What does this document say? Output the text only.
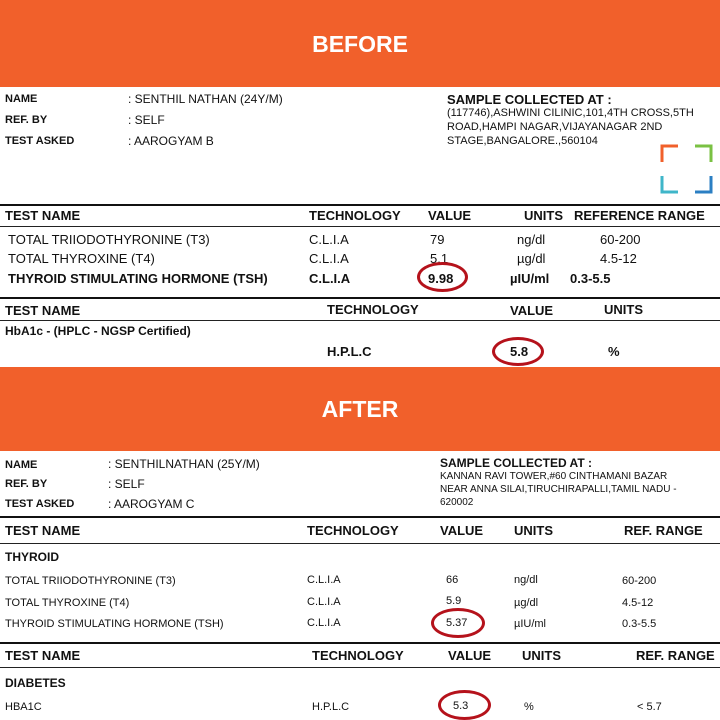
BEFORE
NAME	: SENTHIL NATHAN (24Y/M)
REF. BY	: SELF
TEST ASKED	: AAROGYAM B
SAMPLE COLLECTED AT :
(117746),ASHWINI CILINIC,101,4TH CROSS,5TH
ROAD,HAMPI NAGAR,VIJAYANAGAR 2ND
STAGE,BANGALORE.,560104
TEST NAME	TECHNOLOGY VALUE	UNITS REFERENCE RANGE
TOTAL TRIIODOTHYRONINE (T3)	C.L.I.A	79	ng/dl	60-200
TOTAL THYROXINE (T4)	C.L.I.A	5.1	µg/dl	4.5-12
THYROID STIMULATING HORMONE (TSH)	C.L.I.A	9.98	µIU/ml 0.3-5.5
TEST NAME	TECHNOLOGY	VALUE	UNITS
HbA1c - (HPLC - NGSP Certified)
H.P.L.C	5.8	%
AFTER
NAME	: SENTHILNATHAN (25Y/M)
REF. BY	: SELF
TEST ASKED	: AAROGYAM C
SAMPLE COLLECTED AT :
KANNAN RAVI TOWER,#60 CINTHAMANI BAZAR
NEAR ANNA SILAI,TIRUCHIRAPALLI,TAMIL NADU -
620002
TEST NAME	TECHNOLOGY	VALUE UNITS	REF. RANGE
THYROID
TOTAL TRIIODOTHYRONINE (T3)	C.L.I.A	66	ng/dl	60-200
TOTAL THYROXINE (T4)	C.L.I.A	5.9	µg/dl	4.5-12
THYROID STIMULATING HORMONE (TSH)	C.L.I.A	5.37	µIU/ml	0.3-5.5
TEST NAME	TECHNOLOGY	VALUE UNITS	REF. RANGE
DIABETES
HBA1C	H.P.L.C	5.3	%	< 5.7
